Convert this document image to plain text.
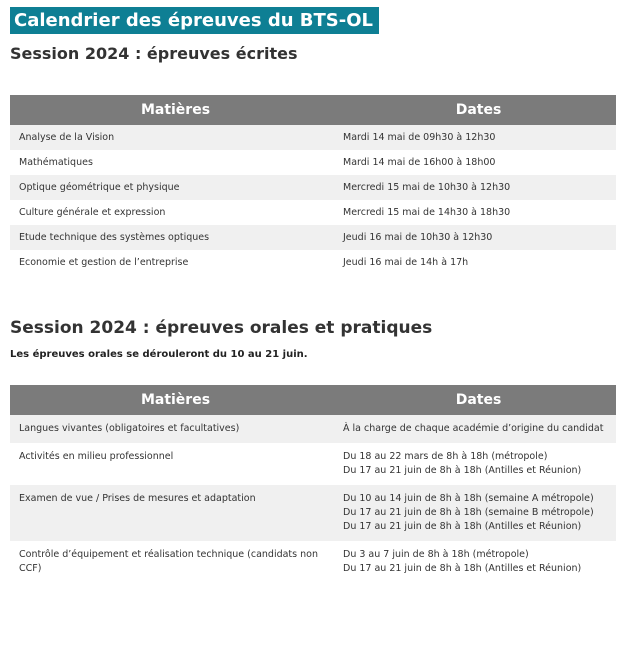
Calendrier des épreuves du BTS-OL
Session 2024 : épreuves écrites
Matières	Dates
Analyse de la Vision	Mardi 14 mai de 09h30 à 12h30
Mathématiques	Mardi 14 mai de 16h00 à 18h00
Optique géométrique et physique	Mercredi 15 mai de 10h30 à 12h30
Culture générale et expression	Mercredi 15 mai de 14h30 à 18h30
Etude technique des systèmes optiques	Jeudi 16 mai de 10h30 à 12h30
Economie et gestion de l’entreprise	Jeudi 16 mai de 14h à 17h
Session 2024 : épreuves orales et pratiques

Les épreuves orales se dérouleront du 10 au 21 juin.

Matières	Dates
Langues vivantes (obligatoires et facultatives)	À la charge de chaque académie d’origine du candidat

Activités en milieu professionnel	Du 18 au 22 mars de 8h à 18h (métropole)
Du 17 au 21 juin de 8h à 18h (Antilles et Réunion)

Examen de vue / Prises de mesures et adaptation	Du 10 au 14 juin de 8h à 18h (semaine A métropole)
Du 17 au 21 juin de 8h à 18h (semaine B métropole)
Du 17 au 21 juin de 8h à 18h (Antilles et Réunion)

Contrôle d’équipement et réalisation technique (candidats non CCF)	Du 3 au 7 juin de 8h à 18h (métropole)
Du 17 au 21 juin de 8h à 18h (Antilles et Réunion)
